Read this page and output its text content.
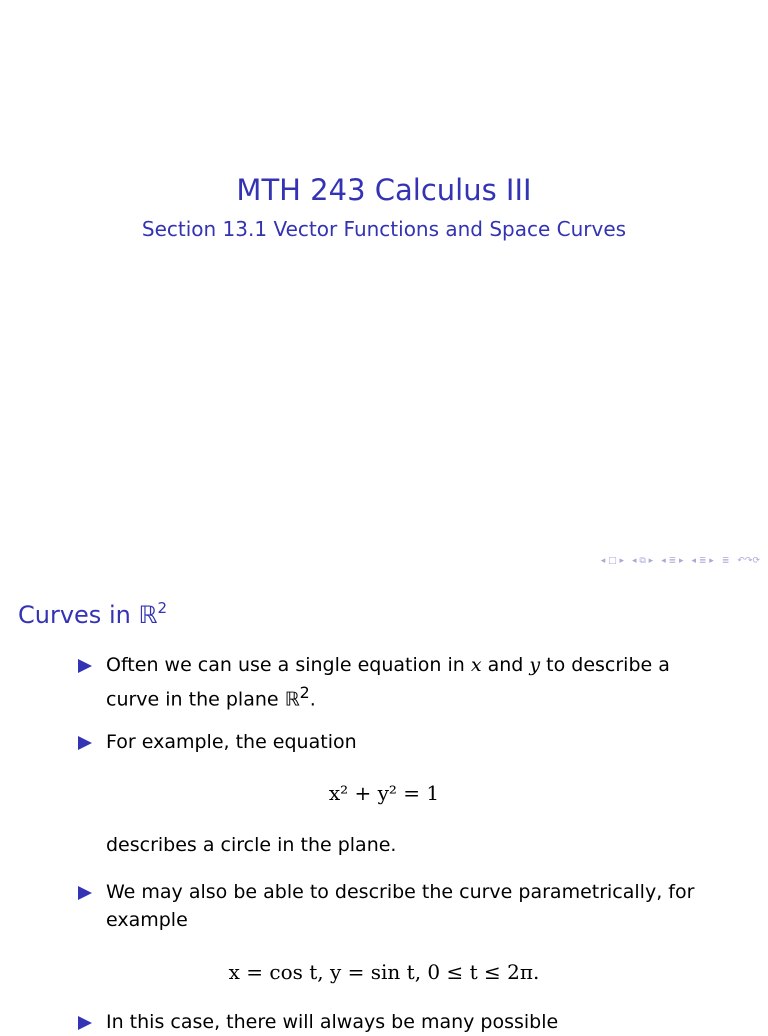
MTH 243 Calculus III
Section 13.1 Vector Functions and Space Curves
◂ □ ▸ ◂ ⧉ ▸ ◂ ≣ ▸ ◂ ≣ ▸ ≣ ↶↷⟳
Curves in ℝ$^2$
Often we can use a single equation in x and y to describe a
curve in the plane ℝ$^2$.
For example, the equation
x² + y² = 1
describes a circle in the plane.
We may also be able to describe the curve parametrically, for
example
x = cos t, y = sin t, 0 ≤ t ≤ 2π.
In this case, there will always be many possible
